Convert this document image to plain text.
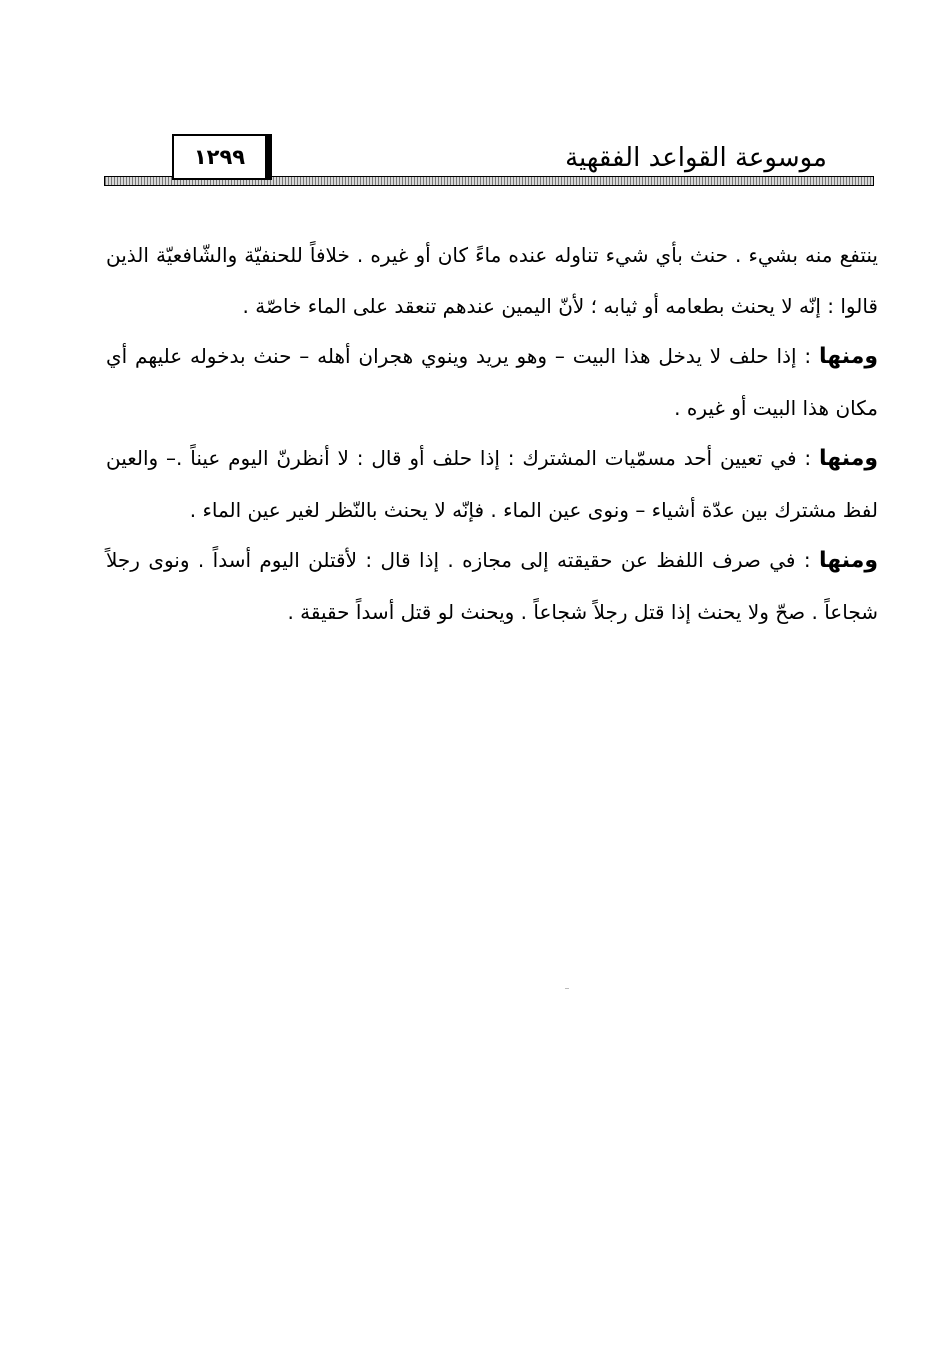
موسوعة القواعد الفقهية
١٢٩٩

ينتفع منه بشيء . حنث بأي شيء تناوله عنده ماءً كان أو غيره . خلافاً للحنفيّة والشّافعيّة الذين قالوا : إنّه لا يحنث بطعامه أو ثيابه ؛ لأنّ اليمين عندهم تنعقد على الماء خاصّة .

ومنها : إذا حلف لا يدخل هذا البيت – وهو يريد وينوي هجران أهله – حنث بدخوله عليهم أي مكان هذا البيت أو غيره .

ومنها : في تعيين أحد مسمّيات المشترك : إذا حلف أو قال : لا أنظرنّ اليوم عيناً .– والعين لفظ مشترك بين عدّة أشياء – ونوى عين الماء . فإنّه لا يحنث بالنّظر لغير عين الماء .

ومنها : في صرف اللفظ عن حقيقته إلى مجازه . إذا قال : لأقتلن اليوم أسداً . ونوى رجلاً شجاعاً . صحّ ولا يحنث إذا قتل رجلاً شجاعاً . ويحنث لو قتل أسداً حقيقة .
